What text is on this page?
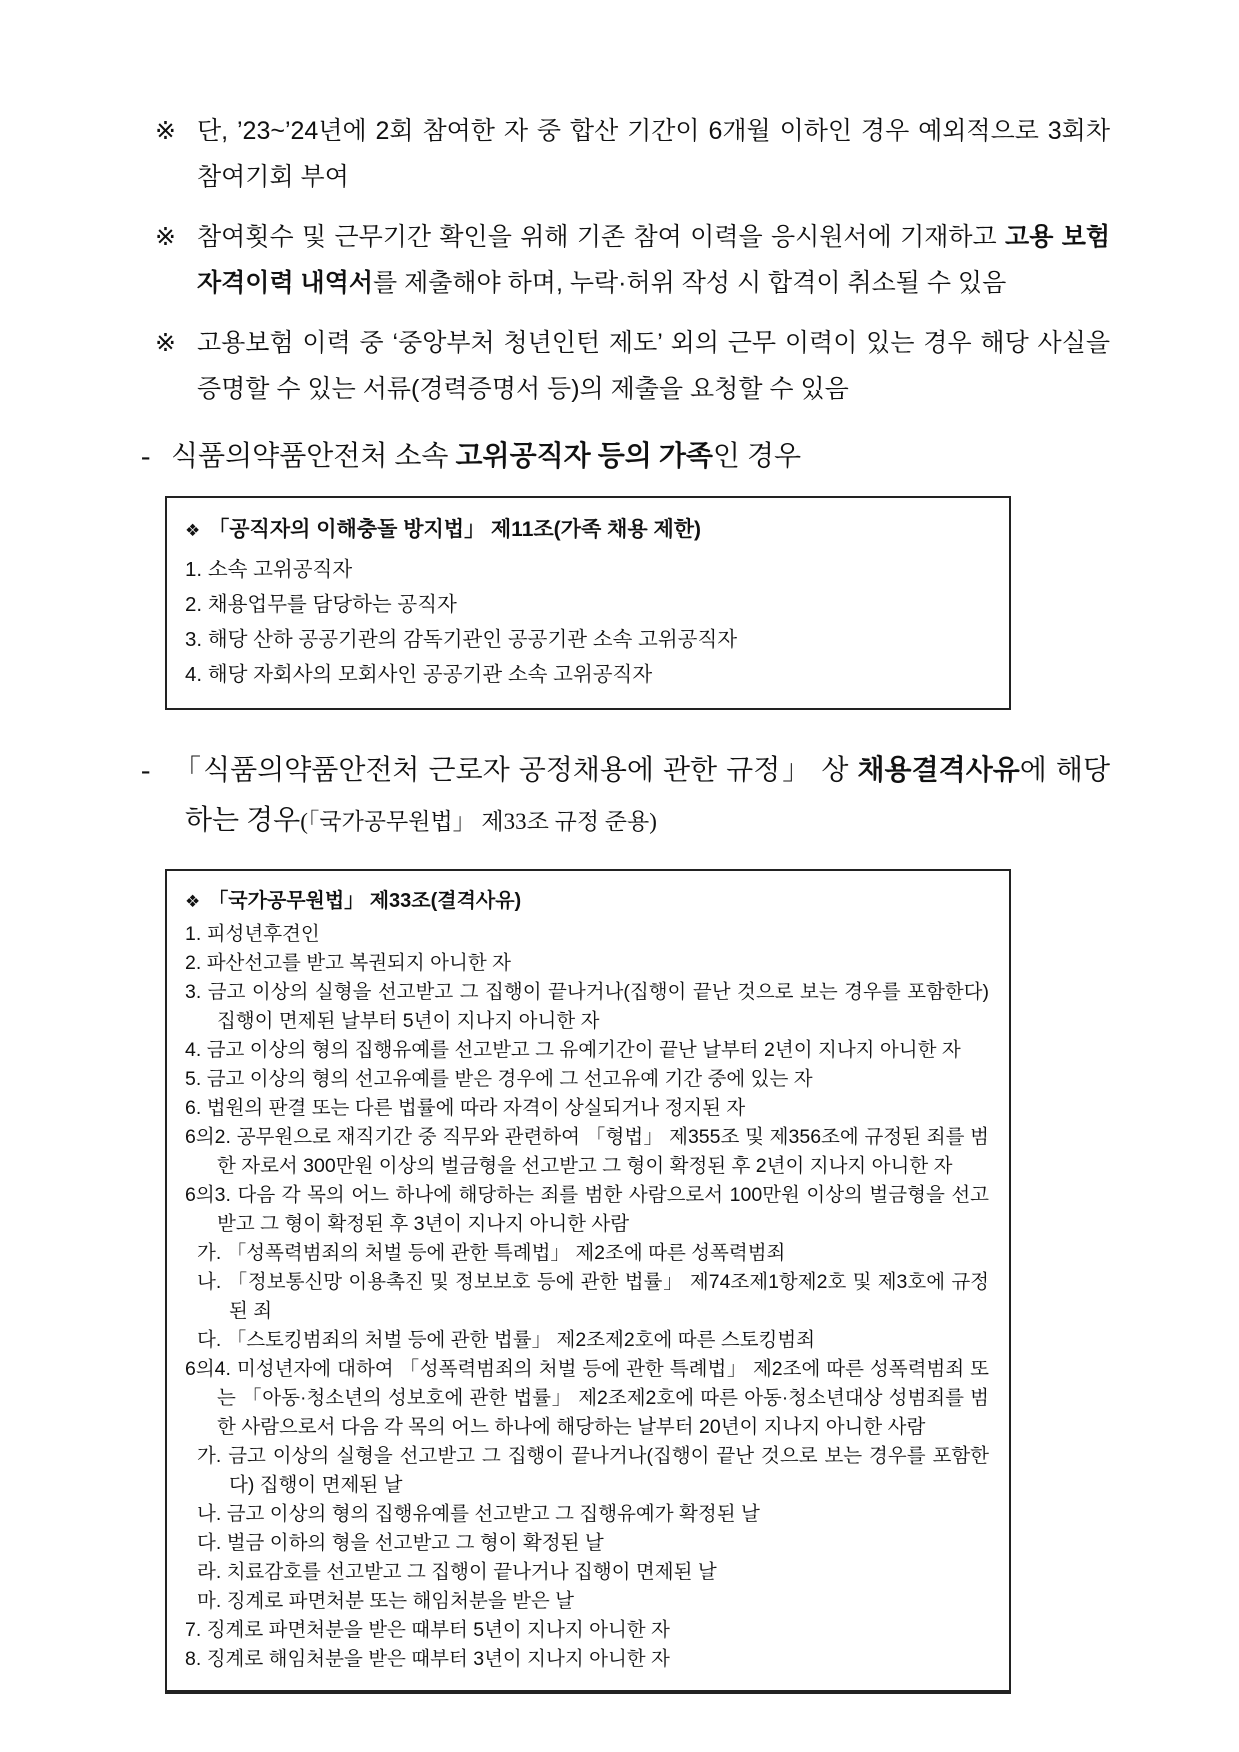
※ 단, ’23~’24년에 2회 참여한 자 중 합산 기간이 6개월 이하인 경우 예외적으로 3회차 참여기회 부여

※ 참여횟수 및 근무기간 확인을 위해 기존 참여 이력을 응시원서에 기재하고 고용 보험 자격이력 내역서를 제출해야 하며, 누락·허위 작성 시 합격이 취소될 수 있음

※ 고용보험 이력 중 ‘중앙부처 청년인턴 제도’ 외의 근무 이력이 있는 경우 해당 사실을 증명할 수 있는 서류(경력증명서 등)의 제출을 요청할 수 있음

- 식품의약품안전처 소속 고위공직자 등의 가족인 경우

❖ 「공직자의 이해충돌 방지법」 제11조(가족 채용 제한)

1. 소속 고위공직자

2. 채용업무를 담당하는 공직자

3. 해당 산하 공공기관의 감독기관인 공공기관 소속 고위공직자

4. 해당 자회사의 모회사인 공공기관 소속 고위공직자

- 「식품의약품안전처 근로자 공정채용에 관한 규정」 상 채용결격사유에 해당하는 경우(「국가공무원법」 제33조 규정 준용)

❖ 「국가공무원법」 제33조(결격사유)

1. 피성년후견인

2. 파산선고를 받고 복권되지 아니한 자

3. 금고 이상의 실형을 선고받고 그 집행이 끝나거나(집행이 끝난 것으로 보는 경우를 포함한다) 집행이 면제된 날부터 5년이 지나지 아니한 자

4. 금고 이상의 형의 집행유예를 선고받고 그 유예기간이 끝난 날부터 2년이 지나지 아니한 자

5. 금고 이상의 형의 선고유예를 받은 경우에 그 선고유예 기간 중에 있는 자

6. 법원의 판결 또는 다른 법률에 따라 자격이 상실되거나 정지된 자

6의2. 공무원으로 재직기간 중 직무와 관련하여 「형법」 제355조 및 제356조에 규정된 죄를 범한 자로서 300만원 이상의 벌금형을 선고받고 그 형이 확정된 후 2년이 지나지 아니한 자

6의3. 다음 각 목의 어느 하나에 해당하는 죄를 범한 사람으로서 100만원 이상의 벌금형을 선고받고 그 형이 확정된 후 3년이 지나지 아니한 사람

가. 「성폭력범죄의 처벌 등에 관한 특례법」 제2조에 따른 성폭력범죄

나. 「정보통신망 이용촉진 및 정보보호 등에 관한 법률」 제74조제1항제2호 및 제3호에 규정된 죄

다. 「스토킹범죄의 처벌 등에 관한 법률」 제2조제2호에 따른 스토킹범죄

6의4. 미성년자에 대하여 「성폭력범죄의 처벌 등에 관한 특례법」 제2조에 따른 성폭력범죄 또는 「아동·청소년의 성보호에 관한 법률」 제2조제2호에 따른 아동·청소년대상 성범죄를 범한 사람으로서 다음 각 목의 어느 하나에 해당하는 날부터 20년이 지나지 아니한 사람

가. 금고 이상의 실형을 선고받고 그 집행이 끝나거나(집행이 끝난 것으로 보는 경우를 포함한다) 집행이 면제된 날

나. 금고 이상의 형의 집행유예를 선고받고 그 집행유예가 확정된 날

다. 벌금 이하의 형을 선고받고 그 형이 확정된 날

라. 치료감호를 선고받고 그 집행이 끝나거나 집행이 면제된 날

마. 징계로 파면처분 또는 해임처분을 받은 날

7. 징계로 파면처분을 받은 때부터 5년이 지나지 아니한 자

8. 징계로 해임처분을 받은 때부터 3년이 지나지 아니한 자
